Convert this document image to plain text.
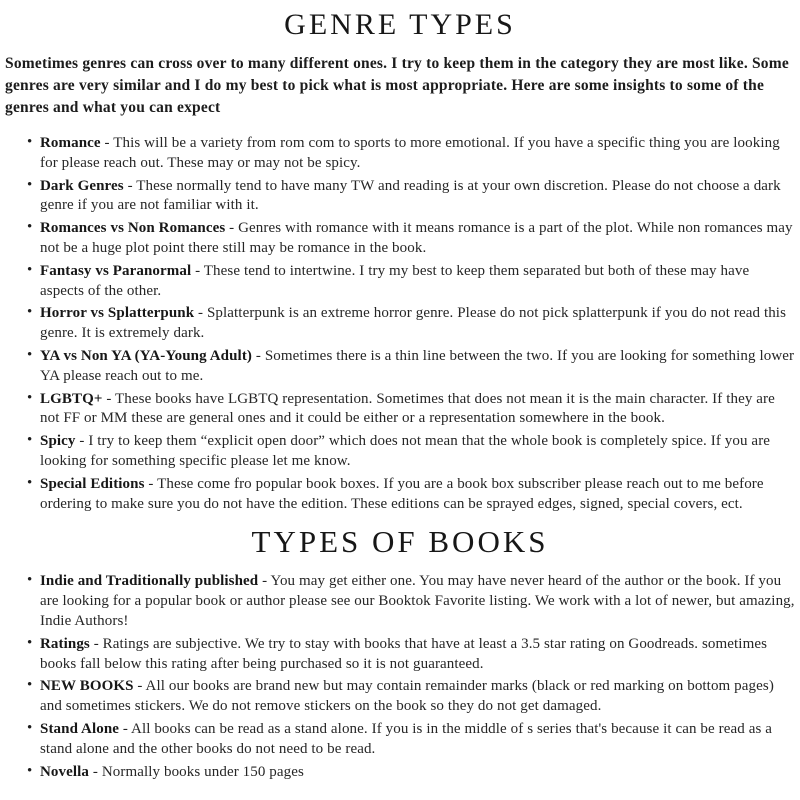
GENRE TYPES

Sometimes genres can cross over to many different ones. I try to keep them in the category they are most like. Some genres are very similar and I do my best to pick what is most appropriate. Here are some insights to some of the genres and what you can expect

• Romance - This will be a variety from rom com to sports to more emotional. If you have a specific thing you are looking for please reach out. These may or may not be spicy.
• Dark Genres - These normally tend to have many TW and reading is at your own discretion. Please do not choose a dark genre if you are not familiar with it.
• Romances vs Non Romances - Genres with romance with it means romance is a part of the plot. While non romances may not be a huge plot point there still may be romance in the book.
• Fantasy vs Paranormal - These tend to intertwine. I try my best to keep them separated but both of these may have aspects of the other.
• Horror vs Splatterpunk - Splatterpunk is an extreme horror genre. Please do not pick splatterpunk if you do not read this genre. It is extremely dark.
• YA vs Non YA (YA-Young Adult) - Sometimes there is a thin line between the two. If you are looking for something lower YA please reach out to me.
• LGBTQ+ - These books have LGBTQ representation. Sometimes that does not mean it is the main character. If they are not FF or MM these are general ones and it could be either or a representation somewhere in the book.
• Spicy - I try to keep them “explicit open door” which does not mean that the whole book is completely spice. If you are looking for something specific please let me know.
• Special Editions - These come fro popular book boxes. If you are a book box subscriber please reach out to me before ordering to make sure you do not have the edition. These editions can be sprayed edges, signed, special covers, ect.
TYPES OF BOOKS
• Indie and Traditionally published - You may get either one. You may have never heard of the author or the book. If you are looking for a popular book or author please see our Booktok Favorite listing. We work with a lot of newer, but amazing, Indie Authors!
• Ratings - Ratings are subjective. We try to stay with books that have at least a 3.5 star rating on Goodreads. sometimes books fall below this rating after being purchased so it is not guaranteed.
• NEW BOOKS - All our books are brand new but may contain remainder marks (black or red marking on bottom pages) and sometimes stickers. We do not remove stickers on the book so they do not get damaged.
• Stand Alone - All books can be read as a stand alone. If you is in the middle of s series that's because it can be read as a stand alone and the other books do not need to be read.
• Novella - Normally books under 150 pages
